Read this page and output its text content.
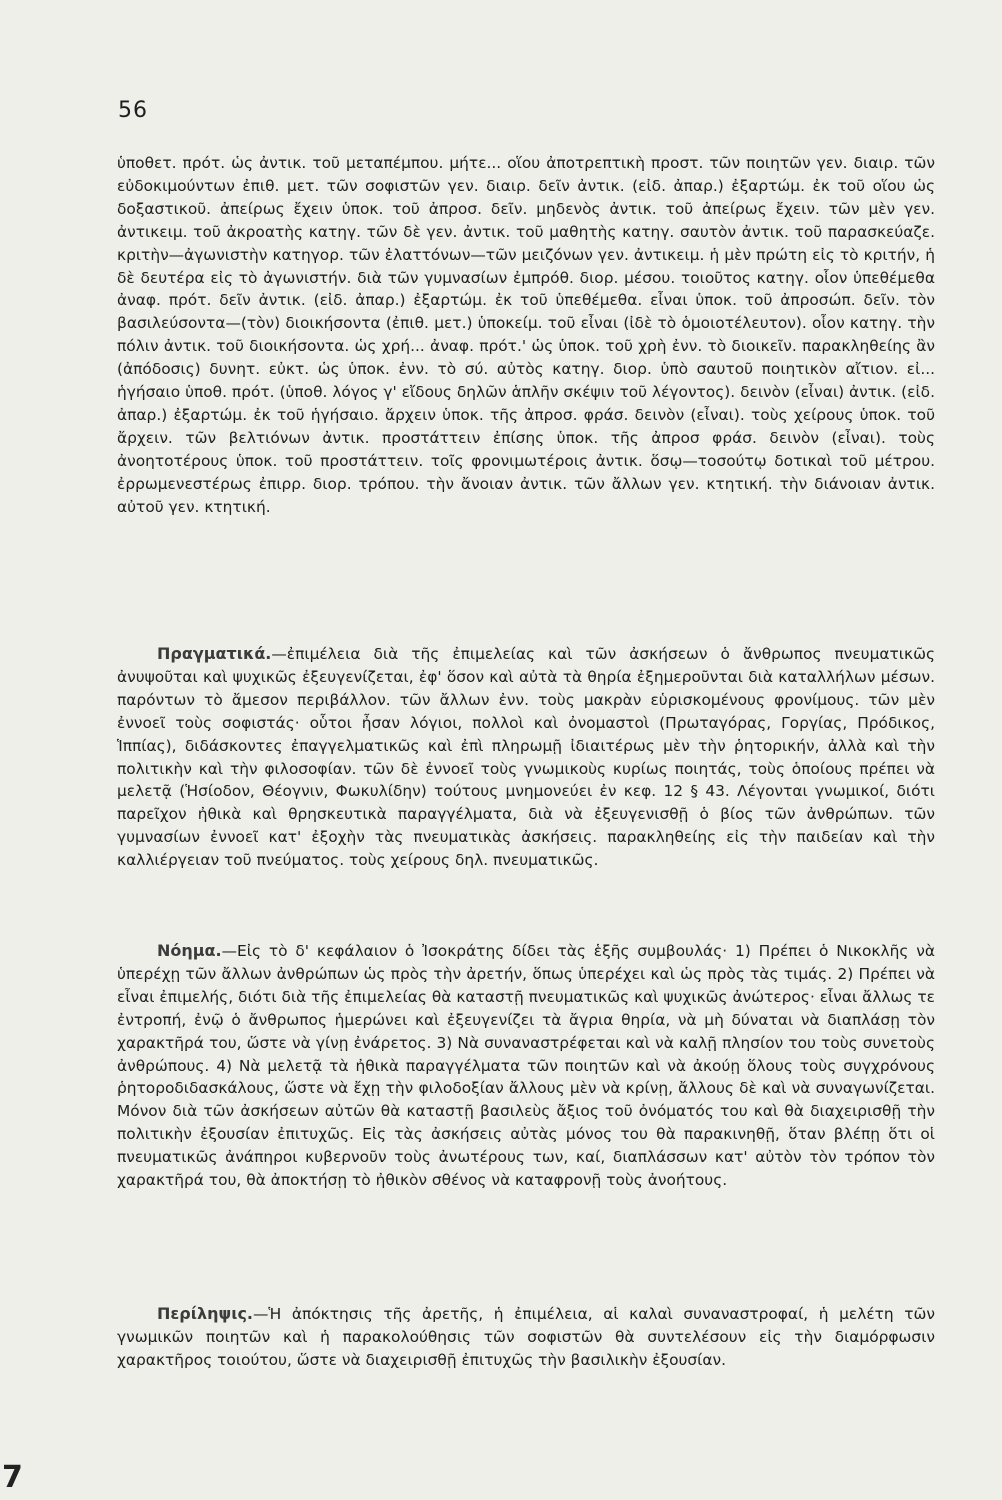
56

ὑποθετ. πρότ. ὡς ἀντικ. τοῦ μεταπέμπου. μήτε... οἵου ἀποτρεπτικὴ προστ. τῶν ποιητῶν γεν. διαιρ. τῶν εὐδοκιμούντων ἐπιθ. μετ. τῶν σοφιστῶν γεν. διαιρ. δεῖν ἀντικ. (εἰδ. ἀπαρ.) ἐξαρτώμ. ἐκ τοῦ οἵου ὡς δοξαστικοῦ. ἀπείρως ἔχειν ὑποκ. τοῦ ἀπροσ. δεῖν. μηδενὸς ἀντικ. τοῦ ἀπείρως ἔχειν. τῶν μὲν γεν. ἀντικειμ. τοῦ ἀκροατὴς κατηγ. τῶν δὲ γεν. ἀντικ. τοῦ μαθητὴς κατηγ. σαυτὸν ἀντικ. τοῦ παρασκεύαζε. κριτὴν—ἀγωνιστὴν κατηγορ. τῶν ἐλαττόνων—τῶν μειζόνων γεν. ἀντικειμ. ἡ μὲν πρώτη εἰς τὸ κριτήν, ἡ δὲ δευτέρα εἰς τὸ ἀγωνιστήν. διὰ τῶν γυμνασίων ἐμπρόθ. διορ. μέσου. τοιοῦτος κατηγ. οἷον ὑπεθέμεθα ἀναφ. πρότ. δεῖν ἀντικ. (εἰδ. ἀπαρ.) ἐξαρτώμ. ἐκ τοῦ ὑπεθέμεθα. εἶναι ὑποκ. τοῦ ἀπροσώπ. δεῖν. τὸν βασιλεύσοντα—(τὸν) διοικήσοντα (ἐπιθ. μετ.) ὑποκείμ. τοῦ εἶναι (ἰδὲ τὸ ὁμοιοτέλευτον). οἷον κατηγ. τὴν πόλιν ἀντικ. τοῦ διοικήσοντα. ὡς χρή... ἀναφ. πρότ.' ὡς ὑποκ. τοῦ χρὴ ἐνν. τὸ διοικεῖν. παρακληθείης ἂν (ἀπόδοσις) δυνητ. εὐκτ. ὡς ὑποκ. ἐνν. τὸ σύ. αὐτὸς κατηγ. διορ. ὑπὸ σαυτοῦ ποιητικὸν αἴτιον. εἰ... ἡγήσαιο ὑποθ. πρότ. (ὑποθ. λόγος γ' εἴδους δηλῶν ἁπλῆν σκέψιν τοῦ λέγοντος). δεινὸν (εἶναι) ἀντικ. (εἰδ. ἀπαρ.) ἐξαρτώμ. ἐκ τοῦ ἡγήσαιο. ἄρχειν ὑποκ. τῆς ἀπροσ. φράσ. δεινὸν (εἶναι). τοὺς χείρους ὑποκ. τοῦ ἄρχειν. τῶν βελτιόνων ἀντικ. προστάττειν ἐπίσης ὑποκ. τῆς ἀπροσ φράσ. δεινὸν (εἶναι). τοὺς ἀνοητοτέρους ὑποκ. τοῦ προστάττειν. τοῖς φρονιμωτέροις ἀντικ. ὅσῳ—τοσούτῳ δοτικαὶ τοῦ μέτρου. ἐρρωμενεστέρως ἐπιρρ. διορ. τρόπου. τὴν ἄνοιαν ἀντικ. τῶν ἄλλων γεν. κτητική. τὴν διάνοιαν ἀντικ. αὐτοῦ γεν. κτητική.

Πραγματικά.—ἐπιμέλεια διὰ τῆς ἐπιμελείας καὶ τῶν ἀσκήσεων ὁ ἄνθρωπος πνευματικῶς ἀνυψοῦται καὶ ψυχικῶς ἐξευγενίζεται, ἐφ' ὅσον καὶ αὐτὰ τὰ θηρία ἐξημεροῦνται διὰ καταλλήλων μέσων. παρόντων τὸ ἄμεσον περιβάλλον. τῶν ἄλλων ἐνν. τοὺς μακρὰν εὑρισκομένους φρονίμους. τῶν μὲν ἐννοεῖ τοὺς σοφιστάς· οὗτοι ἦσαν λόγιοι, πολλοὶ καὶ ὀνομαστοὶ (Πρωταγόρας, Γοργίας, Πρόδικος, Ἱππίας), διδάσκοντες ἐπαγγελματικῶς καὶ ἐπὶ πληρωμῇ ἰδιαιτέρως μὲν τὴν ῥητορικήν, ἀλλὰ καὶ τὴν πολιτικὴν καὶ τὴν φιλοσοφίαν. τῶν δὲ ἐννοεῖ τοὺς γνωμικοὺς κυρίως ποιητάς, τοὺς ὁποίους πρέπει νὰ μελετᾷ (Ἡσίοδον, Θέογνιν, Φωκυλίδην) τούτους μνημονεύει ἐν κεφ. 12 § 43. Λέγονται γνωμικοί, διότι παρεῖχον ἠθικὰ καὶ θρησκευτικὰ παραγγέλματα, διὰ νὰ ἐξευγενισθῇ ὁ βίος τῶν ἀνθρώπων. τῶν γυμνασίων ἐννοεῖ κατ' ἐξοχὴν τὰς πνευματικὰς ἀσκήσεις. παρακληθείης εἰς τὴν παιδείαν καὶ τὴν καλλιέργειαν τοῦ πνεύματος. τοὺς χείρους δηλ. πνευματικῶς.

Νόημα.—Εἰς τὸ δ' κεφάλαιον ὁ Ἰσοκράτης δίδει τὰς ἑξῆς συμβουλάς· 1) Πρέπει ὁ Νικοκλῆς νὰ ὑπερέχῃ τῶν ἄλλων ἀνθρώπων ὡς πρὸς τὴν ἀρετήν, ὅπως ὑπερέχει καὶ ὡς πρὸς τὰς τιμάς. 2) Πρέπει νὰ εἶναι ἐπιμελής, διότι διὰ τῆς ἐπιμελείας θὰ καταστῇ πνευματικῶς καὶ ψυχικῶς ἀνώτερος· εἶναι ἄλλως τε ἐντροπή, ἐνῷ ὁ ἄνθρωπος ἡμερώνει καὶ ἐξευγενίζει τὰ ἄγρια θηρία, νὰ μὴ δύναται νὰ διαπλάσῃ τὸν χαρακτῆρά του, ὥστε νὰ γίνῃ ἐνάρετος. 3) Νὰ συναναστρέφεται καὶ νὰ καλῇ πλησίον του τοὺς συνετοὺς ἀνθρώπους. 4) Νὰ μελετᾷ τὰ ἠθικὰ παραγγέλματα τῶν ποιητῶν καὶ νὰ ἀκούῃ ὅλους τοὺς συγχρόνους ῥητοροδιδασκάλους, ὥστε νὰ ἔχῃ τὴν φιλοδοξίαν ἄλλους μὲν νὰ κρίνῃ, ἄλλους δὲ καὶ νὰ συναγωνίζεται. Μόνον διὰ τῶν ἀσκήσεων αὐτῶν θὰ καταστῇ βασιλεὺς ἄξιος τοῦ ὀνόματός του καὶ θὰ διαχειρισθῇ τὴν πολιτικὴν ἐξουσίαν ἐπιτυχῶς. Εἰς τὰς ἀσκήσεις αὐτὰς μόνος του θὰ παρακινηθῇ, ὅταν βλέπῃ ὅτι οἱ πνευματικῶς ἀνάπηροι κυβερνοῦν τοὺς ἀνωτέρους των, καί, διαπλάσσων κατ' αὐτὸν τὸν τρόπον τὸν χαρακτῆρά του, θὰ ἀποκτήσῃ τὸ ἠθικὸν σθένος νὰ καταφρονῇ τοὺς ἀνοήτους.

Περίληψις.—Ἡ ἀπόκτησις τῆς ἀρετῆς, ἡ ἐπιμέλεια, αἱ καλαὶ συναναστροφαί, ἡ μελέτη τῶν γνωμικῶν ποιητῶν καὶ ἡ παρακολούθησις τῶν σοφιστῶν θὰ συντελέσουν εἰς τὴν διαμόρφωσιν χαρακτῆρος τοιούτου, ὥστε νὰ διαχειρισθῇ ἐπιτυχῶς τὴν βασιλικὴν ἐξουσίαν.

7
